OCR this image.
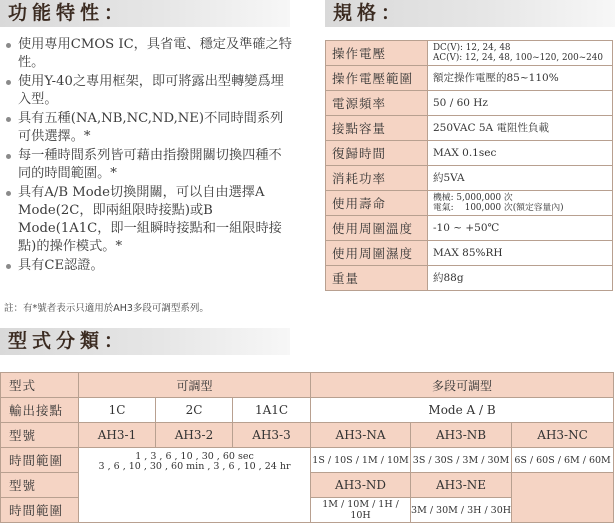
功能特性：
使用專用CMOS IC，具省電、穩定及準確之特性。
使用Y-40之專用框架，即可將露出型轉變爲埋入型。
具有五種(NA,NB,NC,ND,NE)不同時間系列可供選擇。*
每一種時間系列皆可藉由指撥開關切換四種不同的時間範圍。*
具有A/B Mode切換開關，可以自由選擇A Mode(2C，即兩組限時接點)或B Mode(1A1C，即一組瞬時接點和一組限時接點)的操作模式。*
具有CE認證。
註：有*號者表示只適用於AH3多段可調型系列。
規格：
操作電壓	DC(V): 12, 24, 48
AC(V): 12, 24, 48, 100~120, 200~240

操作電壓範圍	額定操作電壓的85~110%
電源頻率	50 / 60 Hz
接點容量	250VAC 5A 電阻性負載
復歸時間	MAX 0.1sec
消耗功率	約5VA
使用壽命	機械: 5,000,000 次
電氣:    100,000 次(額定容量內)

使用周圍溫度	-10 ~ +50℃
使用周圍濕度	MAX 85%RH
重量	約88g
型式分類：
型式	可調型			多段可調型		
輸出接點	1C	2C	1A1C	Mode A / B		
型號	AH3-1	AH3-2	AH3-3	AH3-NA	AH3-NB	AH3-NC
時間範圍	1 , 3 , 6 , 10 , 30 , 60 sec
3 , 6 , 10 , 30 , 60 min , 3 , 6 , 10 , 24 hr			1S / 10S / 1M / 10M	3S / 30S / 3M / 30M	6S / 60S / 6M / 60M
型號				AH3-ND	AH3-NE	
時間範圍				1M / 10M / 1H / 10H	3M / 30M / 3H / 30H	
